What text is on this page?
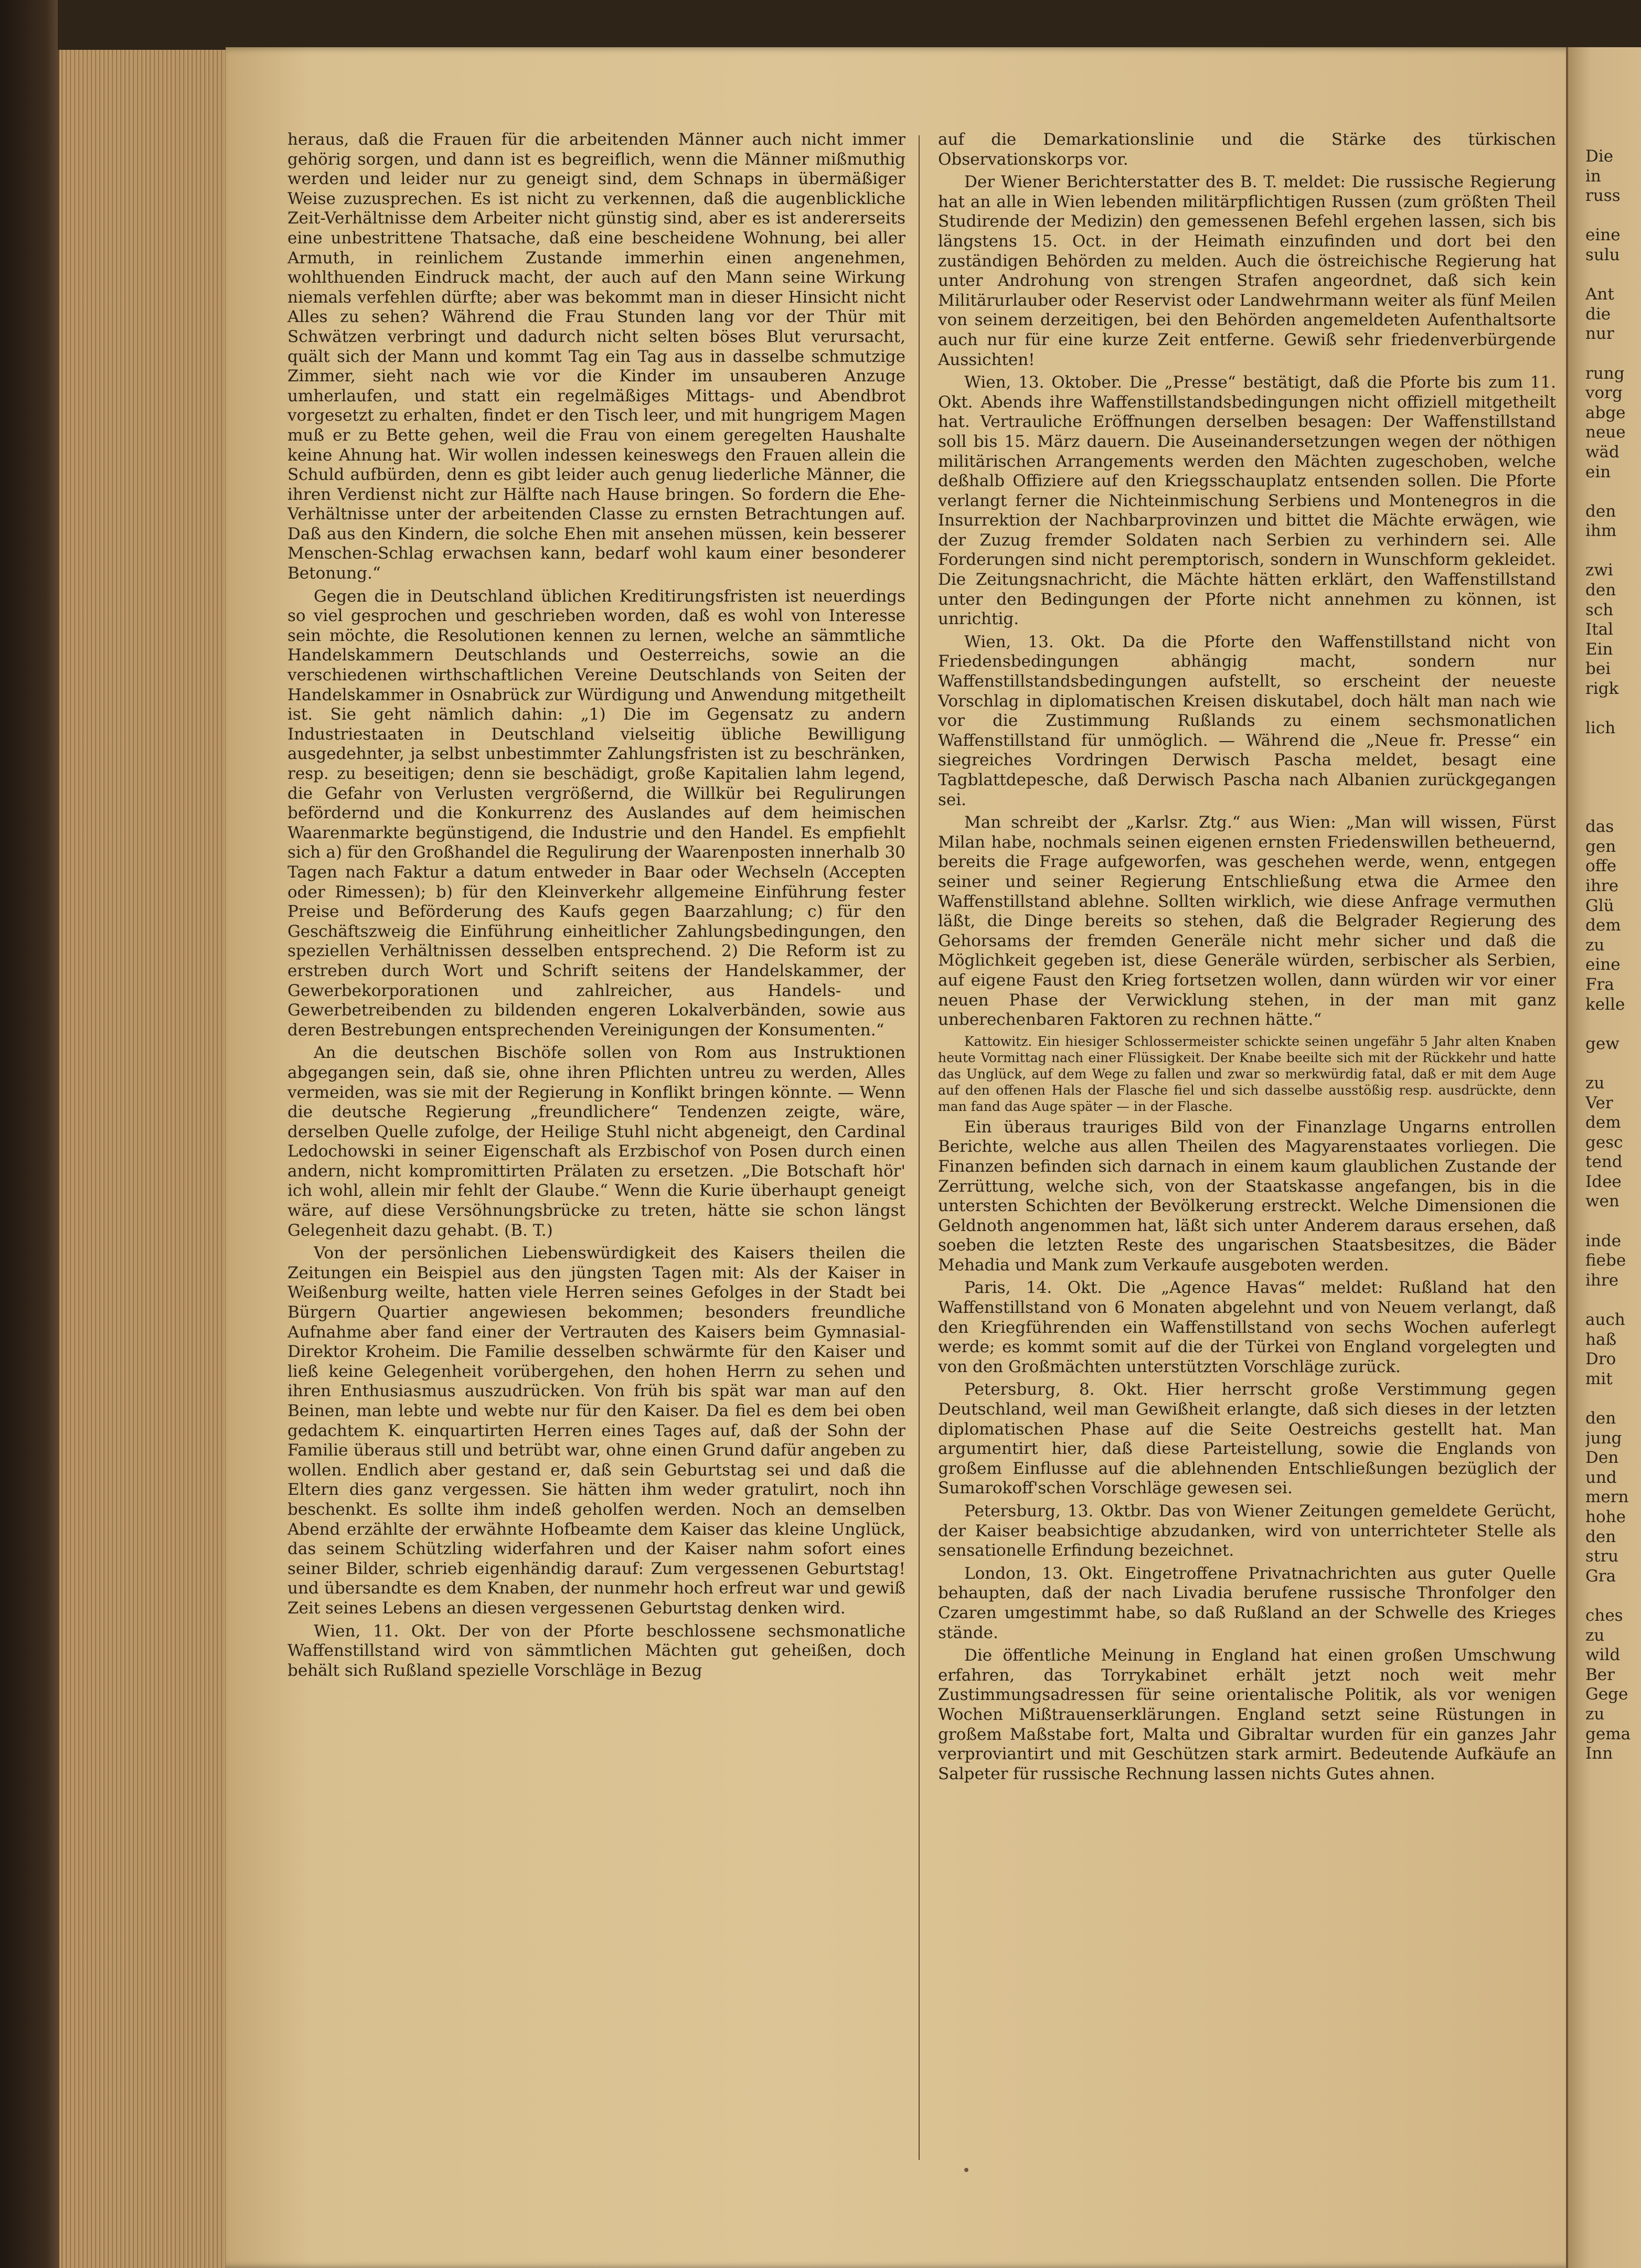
heraus, daß die Frauen für die arbeitenden Männer auch nicht immer gehörig sorgen, und dann ist es begreiflich, wenn die Männer mißmuthig werden und leider nur zu geneigt sind, dem Schnaps in übermäßiger Weise zuzusprechen. Es ist nicht zu verkennen, daß die augenblickliche Zeit-Verhältnisse dem Arbeiter nicht günstig sind, aber es ist andererseits eine unbestrittene Thatsache, daß eine bescheidene Wohnung, bei aller Armuth, in reinlichem Zustande immerhin einen angenehmen, wohlthuenden Eindruck macht, der auch auf den Mann seine Wirkung niemals verfehlen dürfte; aber was bekommt man in dieser Hinsicht nicht Alles zu sehen? Während die Frau Stunden lang vor der Thür mit Schwätzen verbringt und dadurch nicht selten böses Blut verursacht, quält sich der Mann und kommt Tag ein Tag aus in dasselbe schmutzige Zimmer, sieht nach wie vor die Kinder im unsauberen Anzuge umherlaufen, und statt ein regelmäßiges Mittags- und Abendbrot vorgesetzt zu erhalten, findet er den Tisch leer, und mit hungrigem Magen muß er zu Bette gehen, weil die Frau von einem geregelten Haushalte keine Ahnung hat. Wir wollen indessen keineswegs den Frauen allein die Schuld aufbürden, denn es gibt leider auch genug liederliche Männer, die ihren Verdienst nicht zur Hälfte nach Hause bringen. So fordern die Ehe-Verhältnisse unter der arbeitenden Classe zu ernsten Betrachtungen auf. Daß aus den Kindern, die solche Ehen mit ansehen müssen, kein besserer Menschen-Schlag erwachsen kann, bedarf wohl kaum einer besonderer Betonung.“

Gegen die in Deutschland üblichen Kreditirungsfristen ist neuerdings so viel gesprochen und geschrieben worden, daß es wohl von Interesse sein möchte, die Resolutionen kennen zu lernen, welche an sämmtliche Handelskammern Deutschlands und Oesterreichs, sowie an die verschiedenen wirthschaftlichen Vereine Deutschlands von Seiten der Handelskammer in Osnabrück zur Würdigung und Anwendung mitgetheilt ist. Sie geht nämlich dahin: „1) Die im Gegensatz zu andern Industriestaaten in Deutschland vielseitig übliche Bewilligung ausgedehnter, ja selbst unbestimmter Zahlungsfristen ist zu beschränken, resp. zu beseitigen; denn sie beschädigt, große Kapitalien lahm legend, die Gefahr von Verlusten vergrößernd, die Willkür bei Regulirungen befördernd und die Konkurrenz des Auslandes auf dem heimischen Waarenmarkte begünstigend, die Industrie und den Handel. Es empfiehlt sich a) für den Großhandel die Regulirung der Waarenposten innerhalb 30 Tagen nach Faktur a datum entweder in Baar oder Wechseln (Accepten oder Rimessen); b) für den Kleinverkehr allgemeine Einführung fester Preise und Beförderung des Kaufs gegen Baarzahlung; c) für den Geschäftszweig die Einführung einheitlicher Zahlungsbedingungen, den speziellen Verhältnissen desselben entsprechend. 2) Die Reform ist zu erstreben durch Wort und Schrift seitens der Handelskammer, der Gewerbekorporationen und zahlreicher, aus Handels- und Gewerbetreibenden zu bildenden engeren Lokalverbänden, sowie aus deren Bestrebungen entsprechenden Vereinigungen der Konsumenten.“

An die deutschen Bischöfe sollen von Rom aus Instruktionen abgegangen sein, daß sie, ohne ihren Pflichten untreu zu werden, Alles vermeiden, was sie mit der Regierung in Konflikt bringen könnte. — Wenn die deutsche Regierung „freundlichere“ Tendenzen zeigte, wäre, derselben Quelle zufolge, der Heilige Stuhl nicht abgeneigt, den Cardinal Ledochowski in seiner Eigenschaft als Erzbischof von Posen durch einen andern, nicht kompromittirten Prälaten zu ersetzen. „Die Botschaft hör' ich wohl, allein mir fehlt der Glaube.“ Wenn die Kurie überhaupt geneigt wäre, auf diese Versöhnungsbrücke zu treten, hätte sie schon längst Gelegenheit dazu gehabt. (B. T.)

Von der persönlichen Liebenswürdigkeit des Kaisers theilen die Zeitungen ein Beispiel aus den jüngsten Tagen mit: Als der Kaiser in Weißenburg weilte, hatten viele Herren seines Gefolges in der Stadt bei Bürgern Quartier angewiesen bekommen; besonders freundliche Aufnahme aber fand einer der Vertrauten des Kaisers beim Gymnasial-Direktor Kroheim. Die Familie desselben schwärmte für den Kaiser und ließ keine Gelegenheit vorübergehen, den hohen Herrn zu sehen und ihren Enthusiasmus auszudrücken. Von früh bis spät war man auf den Beinen, man lebte und webte nur für den Kaiser. Da fiel es dem bei oben gedachtem K. einquartirten Herren eines Tages auf, daß der Sohn der Familie überaus still und betrübt war, ohne einen Grund dafür angeben zu wollen. Endlich aber gestand er, daß sein Geburtstag sei und daß die Eltern dies ganz vergessen. Sie hätten ihm weder gratulirt, noch ihn beschenkt. Es sollte ihm indeß geholfen werden. Noch an demselben Abend erzählte der erwähnte Hofbeamte dem Kaiser das kleine Unglück, das seinem Schützling widerfahren und der Kaiser nahm sofort eines seiner Bilder, schrieb eigenhändig darauf: Zum vergessenen Geburtstag! und übersandte es dem Knaben, der nunmehr hoch erfreut war und gewiß Zeit seines Lebens an diesen vergessenen Geburtstag denken wird.

Wien, 11. Okt. Der von der Pforte beschlossene sechsmonatliche Waffenstillstand wird von sämmtlichen Mächten gut geheißen, doch behält sich Rußland spezielle Vorschläge in Bezug

auf die Demarkationslinie und die Stärke des türkischen Observationskorps vor.

Der Wiener Berichterstatter des B. T. meldet: Die russische Regierung hat an alle in Wien lebenden militärpflichtigen Russen (zum größten Theil Studirende der Medizin) den gemessenen Befehl ergehen lassen, sich bis längstens 15. Oct. in der Heimath einzufinden und dort bei den zuständigen Behörden zu melden. Auch die östreichische Regierung hat unter Androhung von strengen Strafen angeordnet, daß sich kein Militärurlauber oder Reservist oder Landwehrmann weiter als fünf Meilen von seinem derzeitigen, bei den Behörden angemeldeten Aufenthaltsorte auch nur für eine kurze Zeit entferne. Gewiß sehr friedenverbürgende Aussichten!

Wien, 13. Oktober. Die „Presse“ bestätigt, daß die Pforte bis zum 11. Okt. Abends ihre Waffenstillstandsbedingungen nicht offiziell mitgetheilt hat. Vertrauliche Eröffnungen derselben besagen: Der Waffenstillstand soll bis 15. März dauern. Die Auseinandersetzungen wegen der nöthigen militärischen Arrangements werden den Mächten zugeschoben, welche deßhalb Offiziere auf den Kriegsschauplatz entsenden sollen. Die Pforte verlangt ferner die Nichteinmischung Serbiens und Montenegros in die Insurrektion der Nachbarprovinzen und bittet die Mächte erwägen, wie der Zuzug fremder Soldaten nach Serbien zu verhindern sei. Alle Forderungen sind nicht peremptorisch, sondern in Wunschform gekleidet. Die Zeitungsnachricht, die Mächte hätten erklärt, den Waffenstillstand unter den Bedingungen der Pforte nicht annehmen zu können, ist unrichtig.

Wien, 13. Okt. Da die Pforte den Waffenstillstand nicht von Friedensbedingungen abhängig macht, sondern nur Waffenstillstandsbedingungen aufstellt, so erscheint der neueste Vorschlag in diplomatischen Kreisen diskutabel, doch hält man nach wie vor die Zustimmung Rußlands zu einem sechsmonatlichen Waffenstillstand für unmöglich. — Während die „Neue fr. Presse“ ein siegreiches Vordringen Derwisch Pascha meldet, besagt eine Tagblattdepesche, daß Derwisch Pascha nach Albanien zurückgegangen sei.

Man schreibt der „Karlsr. Ztg.“ aus Wien: „Man will wissen, Fürst Milan habe, nochmals seinen eigenen ernsten Friedenswillen betheuernd, bereits die Frage aufgeworfen, was geschehen werde, wenn, entgegen seiner und seiner Regierung Entschließung etwa die Armee den Waffenstillstand ablehne. Sollten wirklich, wie diese Anfrage vermuthen läßt, die Dinge bereits so stehen, daß die Belgrader Regierung des Gehorsams der fremden Generäle nicht mehr sicher und daß die Möglichkeit gegeben ist, diese Generäle würden, serbischer als Serbien, auf eigene Faust den Krieg fortsetzen wollen, dann würden wir vor einer neuen Phase der Verwicklung stehen, in der man mit ganz unberechenbaren Faktoren zu rechnen hätte.“

Kattowitz. Ein hiesiger Schlossermeister schickte seinen ungefähr 5 Jahr alten Knaben heute Vormittag nach einer Flüssigkeit. Der Knabe beeilte sich mit der Rückkehr und hatte das Unglück, auf dem Wege zu fallen und zwar so merkwürdig fatal, daß er mit dem Auge auf den offenen Hals der Flasche fiel und sich dasselbe ausstößig resp. ausdrückte, denn man fand das Auge später — in der Flasche.

Ein überaus trauriges Bild von der Finanzlage Ungarns entrollen Berichte, welche aus allen Theilen des Magyarenstaates vorliegen. Die Finanzen befinden sich darnach in einem kaum glaublichen Zustande der Zerrüttung, welche sich, von der Staatskasse angefangen, bis in die untersten Schichten der Bevölkerung erstreckt. Welche Dimensionen die Geldnoth angenommen hat, läßt sich unter Anderem daraus ersehen, daß soeben die letzten Reste des ungarischen Staatsbesitzes, die Bäder Mehadia und Mank zum Verkaufe ausgeboten werden.

Paris, 14. Okt. Die „Agence Havas“ meldet: Rußland hat den Waffenstillstand von 6 Monaten abgelehnt und von Neuem verlangt, daß den Kriegführenden ein Waffenstillstand von sechs Wochen auferlegt werde; es kommt somit auf die der Türkei von England vorgelegten und von den Großmächten unterstützten Vorschläge zurück.

Petersburg, 8. Okt. Hier herrscht große Verstimmung gegen Deutschland, weil man Gewißheit erlangte, daß sich dieses in der letzten diplomatischen Phase auf die Seite Oestreichs gestellt hat. Man argumentirt hier, daß diese Parteistellung, sowie die Englands von großem Einflusse auf die ablehnenden Entschließungen bezüglich der Sumarokoff'schen Vorschläge gewesen sei.

Petersburg, 13. Oktbr. Das von Wiener Zeitungen gemeldete Gerücht, der Kaiser beabsichtige abzudanken, wird von unterrichteter Stelle als sensationelle Erfindung bezeichnet.

London, 13. Okt. Eingetroffene Privatnachrichten aus guter Quelle behaupten, daß der nach Livadia berufene russische Thronfolger den Czaren umgestimmt habe, so daß Rußland an der Schwelle des Krieges stände.

Die öffentliche Meinung in England hat einen großen Umschwung erfahren, das Torrykabinet erhält jetzt noch weit mehr Zustimmungsadressen für seine orientalische Politik, als vor wenigen Wochen Mißtrauenserklärungen. England setzt seine Rüstungen in großem Maßstabe fort, Malta und Gibraltar wurden für ein ganzes Jahr verproviantirt und mit Geschützen stark armirt. Bedeutende Aufkäufe an Salpeter für russische Rechnung lassen nichts Gutes ahnen.

Die
in
russ
eine
sulu
Ant
die
nur
rung
vorg
abge
neue
wäd
ein
den
ihm
zwi
den
sch
Ital
Ein
bei
rigk
lich
das
gen
offe
ihre
Glü
dem
zu
eine
Fra
kelle
gew
zu
Ver
dem
gesc
tend
Idee
wen
inde
fiebe
ihre
auch
haß
Dro
mit
den
jung
Den
und
mern
hohe
den
stru
Gra
ches
zu
wild
Ber
Gege
zu
gema
Inn
